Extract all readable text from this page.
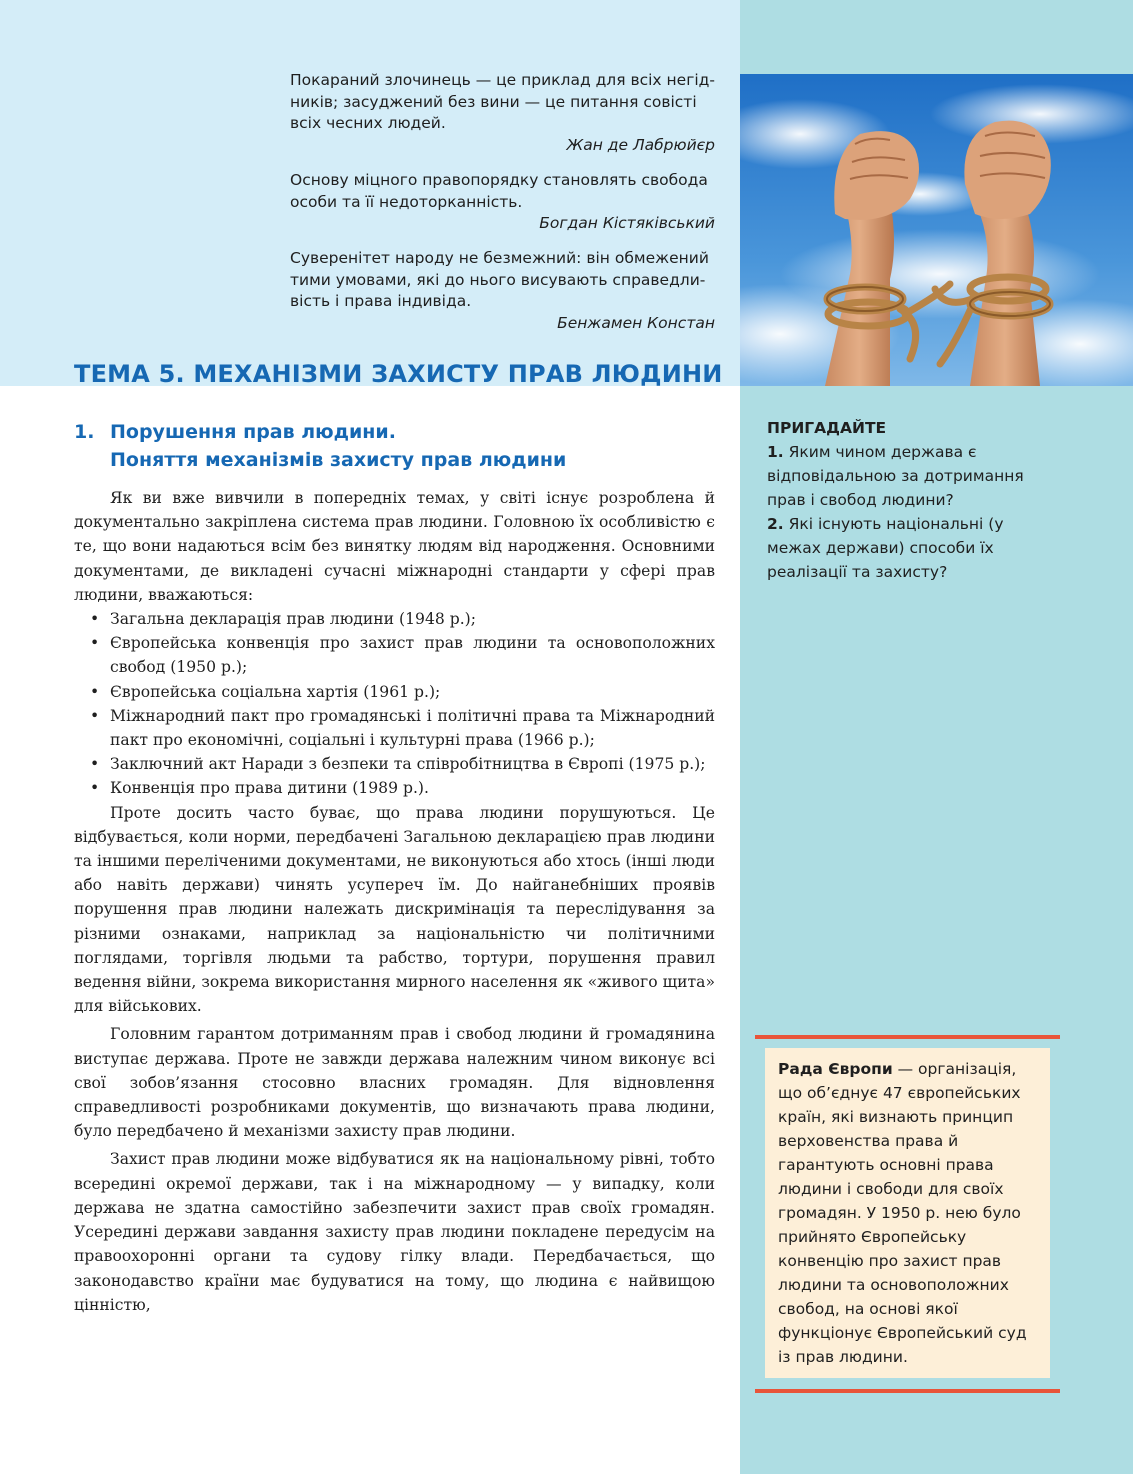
Покараний злочинець — це приклад для всіх негід-
ників; засуджений без вини — це питання совісті
всіх чесних людей.
Жан де Лабрюйєр
Основу міцного правопорядку становлять свобода
особи та її недоторканність.
Богдан Кістяківський
Суверенітет народу не безмежний: він обмежений
тими умовами, які до нього висувають справедли-
вість і права індивіда.
Бенжамен Констан
ТЕМА 5. МЕХАНІЗМИ ЗАХИСТУ ПРАВ ЛЮДИНИ
1. Порушення прав людини.
Поняття механізмів захисту прав людини

Як ви вже вивчили в попередніх темах, у світі існує розроблена й документально закріплена система прав людини. Головною їх особливістю є те, що вони надаються всім без винятку людям від народження. Основними документами, де викладені сучасні міжнародні стандарти у сфері прав людини, вважаються:

• Загальна декларація прав людини (1948 р.);
• Європейська конвенція про захист прав людини та основоположних свобод (1950 р.);
• Європейська соціальна хартія (1961 р.);
• Міжнародний пакт про громадянські і політичні права та Міжнародний пакт про економічні, соціальні і культурні права (1966 р.);
• Заключний акт Наради з безпеки та співробітництва в Європі (1975 р.);
• Конвенція про права дитини (1989 р.).

Проте досить часто буває, що права людини порушуються. Це відбувається, коли норми, передбачені Загальною декларацією прав людини та іншими переліченими документами, не виконуються або хтось (інші люди або навіть держави) чинять усупереч їм. До найганебніших проявів порушення прав людини належать дискримінація та переслідування за різними ознаками, наприклад за національністю чи політичними поглядами, торгівля людьми та рабство, тортури, порушення правил ведення війни, зокрема використання мирного населення як «живого щита» для військових.

Головним гарантом дотриманням прав і свобод людини й громадянина виступає держава. Проте не завжди держава належним чином виконує всі свої зобов’язання стосовно власних громадян. Для відновлення справедливості розробниками документів, що визначають права людини, було передбачено й механізми захисту прав людини.

Захист прав людини може відбуватися як на національному рівні, тобто всередині окремої держави, так і на міжнародному — у випадку, коли держава не здатна самостійно забезпечити захист прав своїх громадян. Усередині держави завдання захисту прав людини покладене передусім на правоохоронні органи та судову гілку влади. Передбачається, що законодавство країни має будуватися на тому, що людина є найвищою цінністю,

ПРИГАДАЙТЕ
1. Яким чином держава є відповідальною за дотримання прав і свобод людини?
2. Які існують національні (у межах держави) способи їх реалізації та захисту?
Рада Європи — організація, що об’єднує 47 європейських країн, які визнають принцип верховенства права й гарантують основні права людини і свободи для своїх громадян. У 1950 р. нею було прийнято Європейську конвенцію про захист прав людини та основоположних свобод, на основі якої функціонує Європейський суд із прав людини.
